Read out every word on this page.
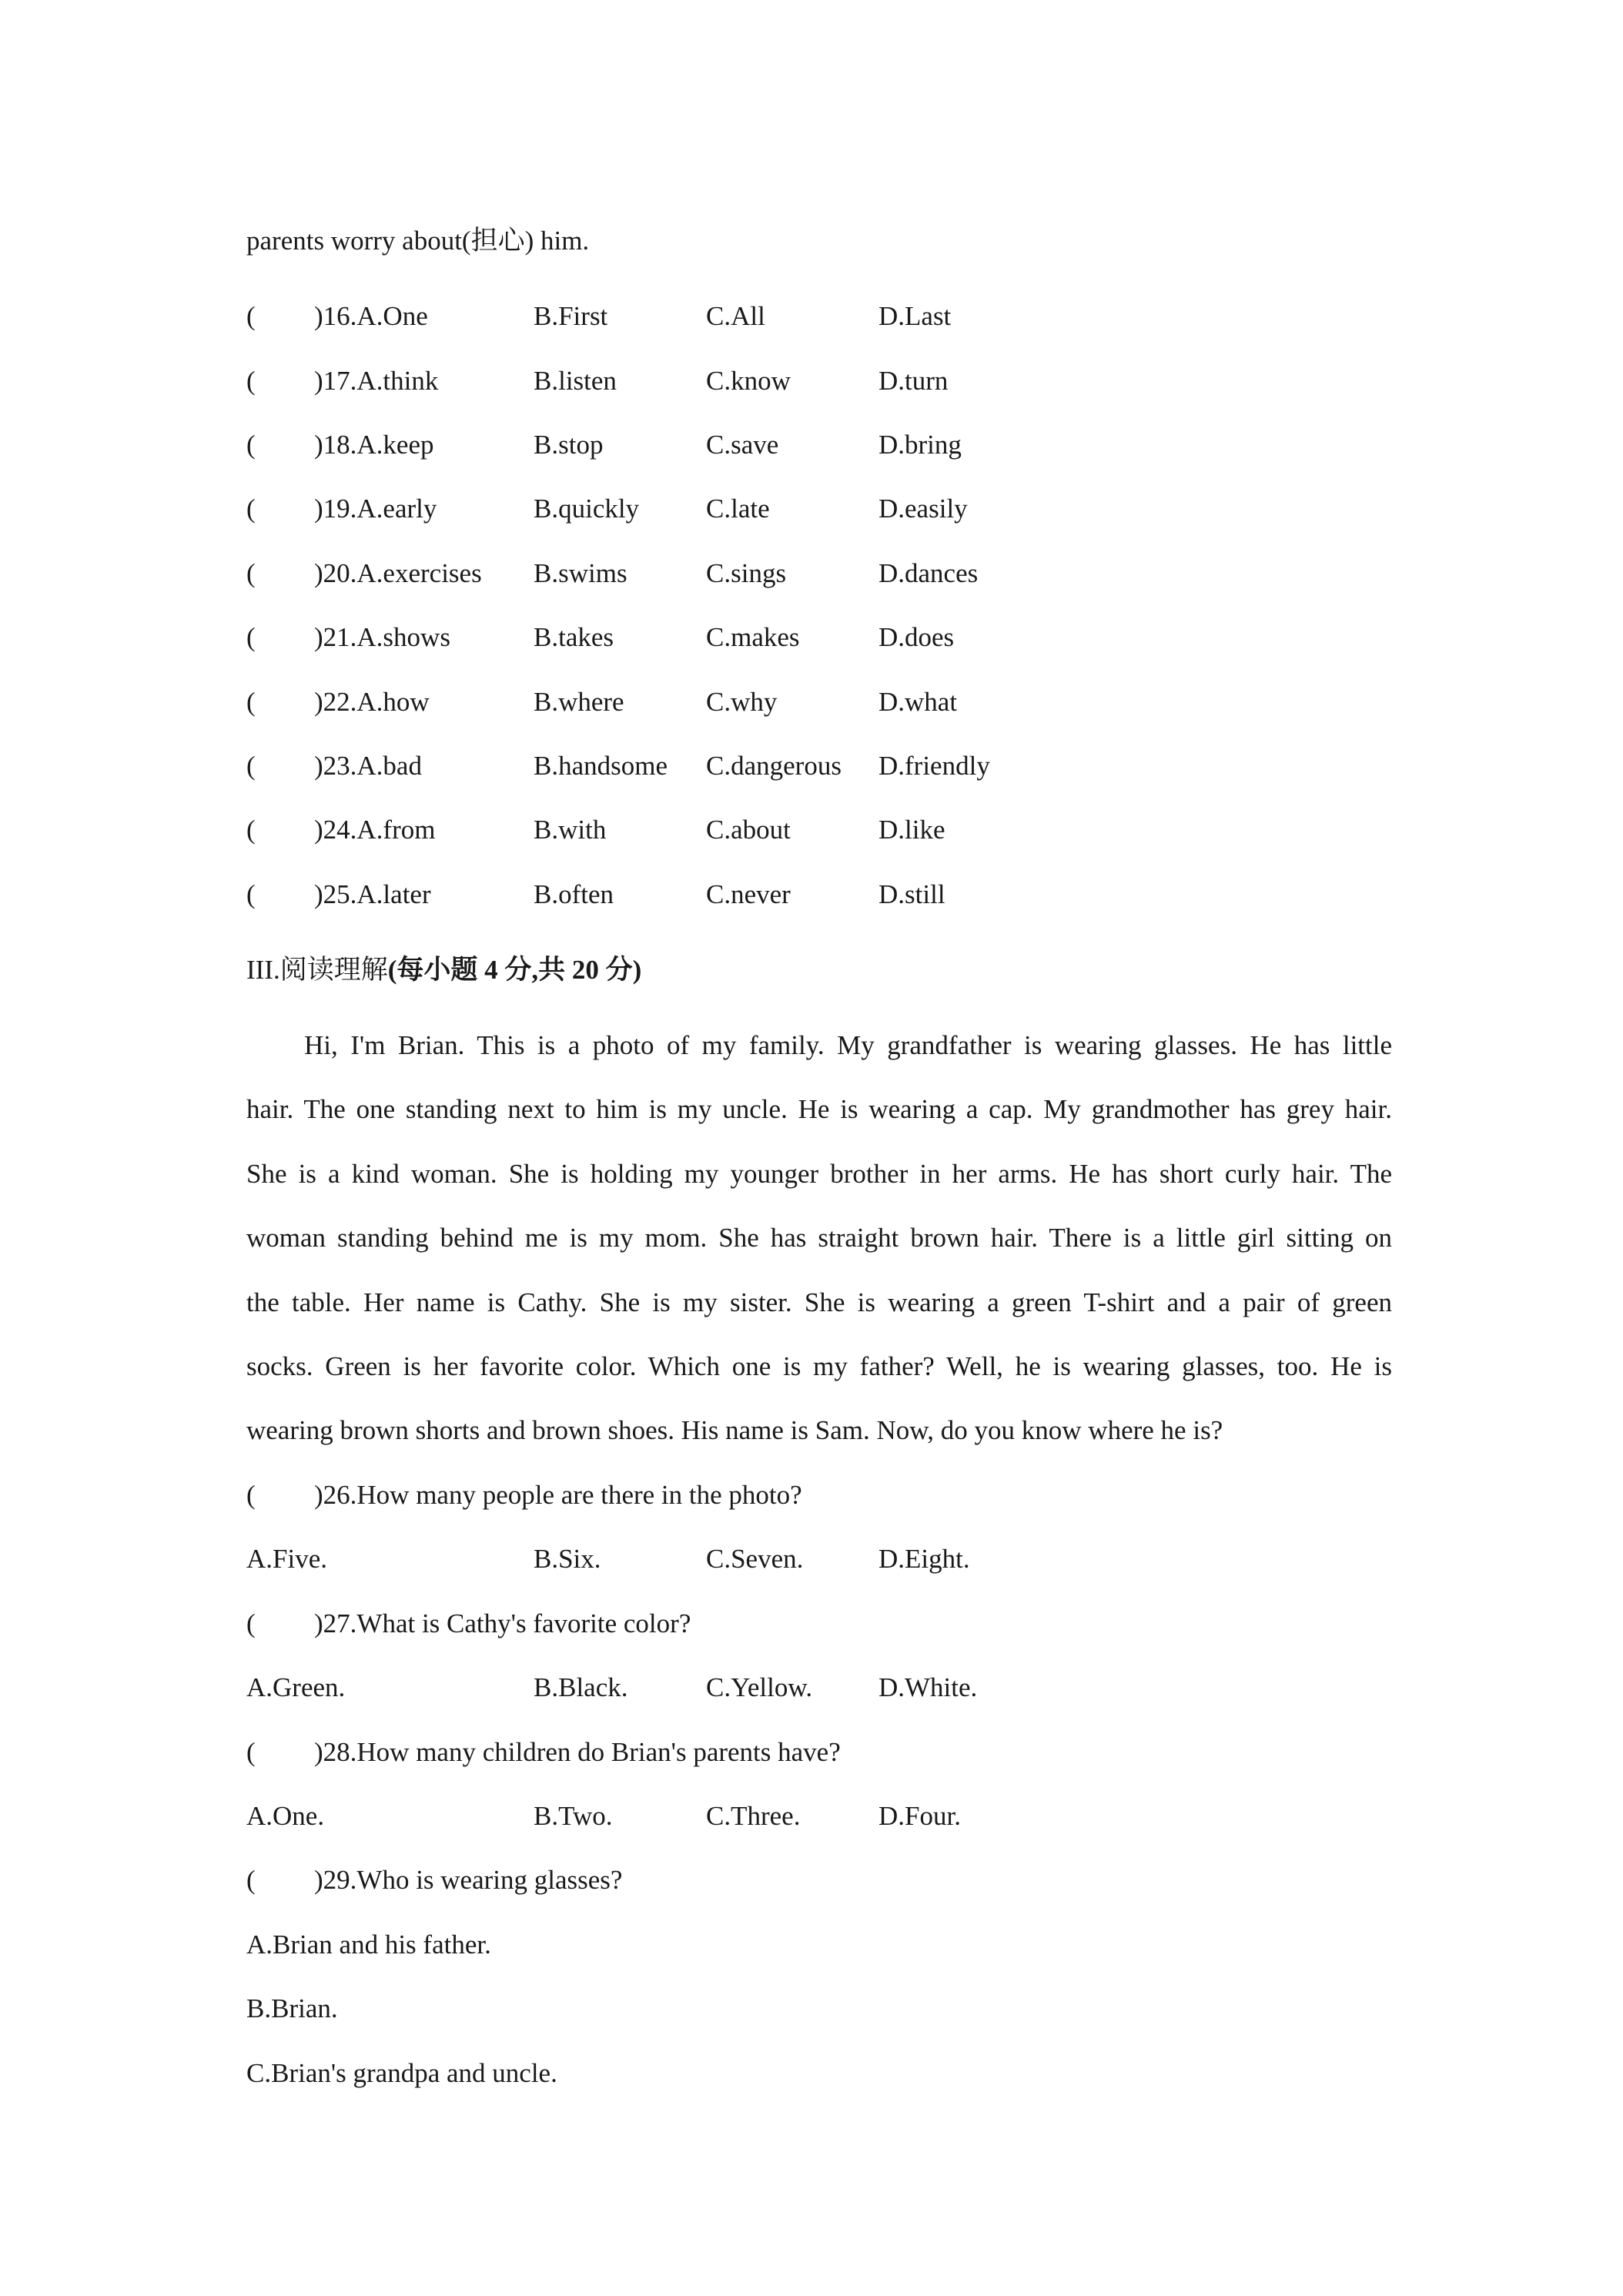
parents worry about(担心) him.
( )16.A.One	B.First	C.All	D.Last
( )17.A.think	B.listen	C.know	D.turn
( )18.A.keep	B.stop	C.save	D.bring
( )19.A.early	B.quickly C.late	D.easily
( )20.A.exercises B.swims	C.sings	D.dances
( )21.A.shows	B.takes	C.makes	D.does
( )22.A.how	B.where	C.why	D.what
( )23.A.bad	B.handsome C.dangerous D.friendly
( )24.A.from	B.with	C.about	D.like
( )25.A.later	B.often	C.never	D.still
III.阅读理解(每小题 4 分,共 20 分)
Hi, I'm Brian. This is a photo of my family. My grandfather is wearing glasses. He has little
hair. The one standing next to him is my uncle. He is wearing a cap. My grandmother has grey hair.
She is a kind woman. She is holding my younger brother in her arms. He has short curly hair. The
woman standing behind me is my mom. She has straight brown hair. There is a little girl sitting on
the table. Her name is Cathy. She is my sister. She is wearing a green T-shirt and a pair of green
socks. Green is her favorite color. Which one is my father? Well, he is wearing glasses, too. He is
wearing brown shorts and brown shoes. His name is Sam. Now, do you know where he is?
( )26.How many people are there in the photo?
A.Five.	B.Six.	C.Seven.	D.Eight.
( )27.What is Cathy's favorite color?
A.Green.	B.Black.	C.Yellow. D.White.
( )28.How many children do Brian's parents have?
A.One.	B.Two.	C.Three.	D.Four.
( )29.Who is wearing glasses?
A.Brian and his father.
B.Brian.
C.Brian's grandpa and uncle.
